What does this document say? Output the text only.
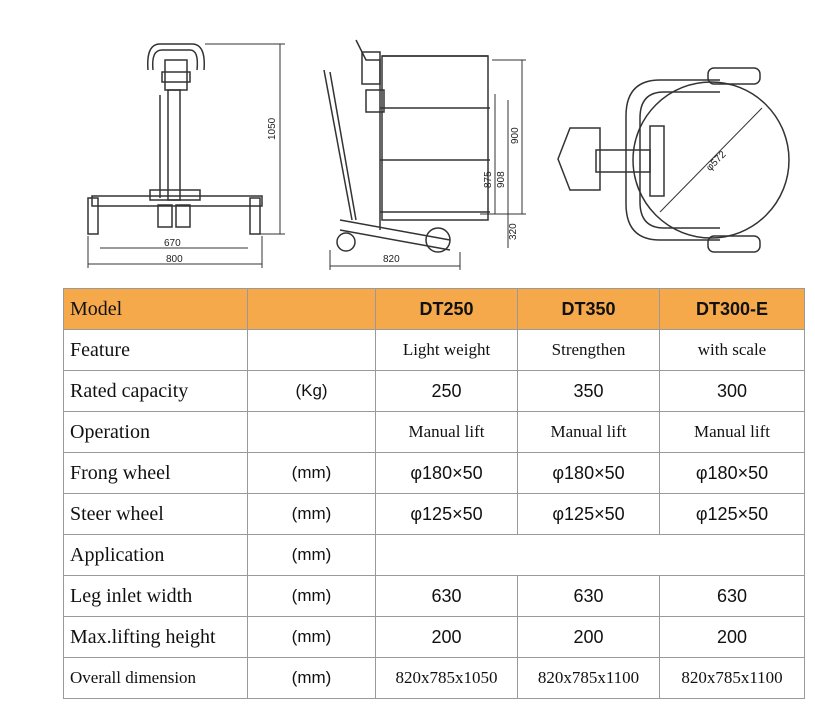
1050
670
800
900
875 908
320
820
φ572
Model		DT250	DT350	DT300-E
Feature		Light weight	Strengthen	with scale
Rated capacity	(Kg)	250	350	300
Operation		Manual lift	Manual lift	Manual lift
Frong wheel	(mm)	φ180×50	φ180×50	φ180×50
Steer wheel	(mm)	φ125×50	φ125×50	φ125×50
Application	(mm)			
Leg inlet width	(mm)	630	630	630
Max.lifting height	(mm)	200	200	200
Overall dimension	(mm)	820x785x1050	820x785x1100	820x785x1100
